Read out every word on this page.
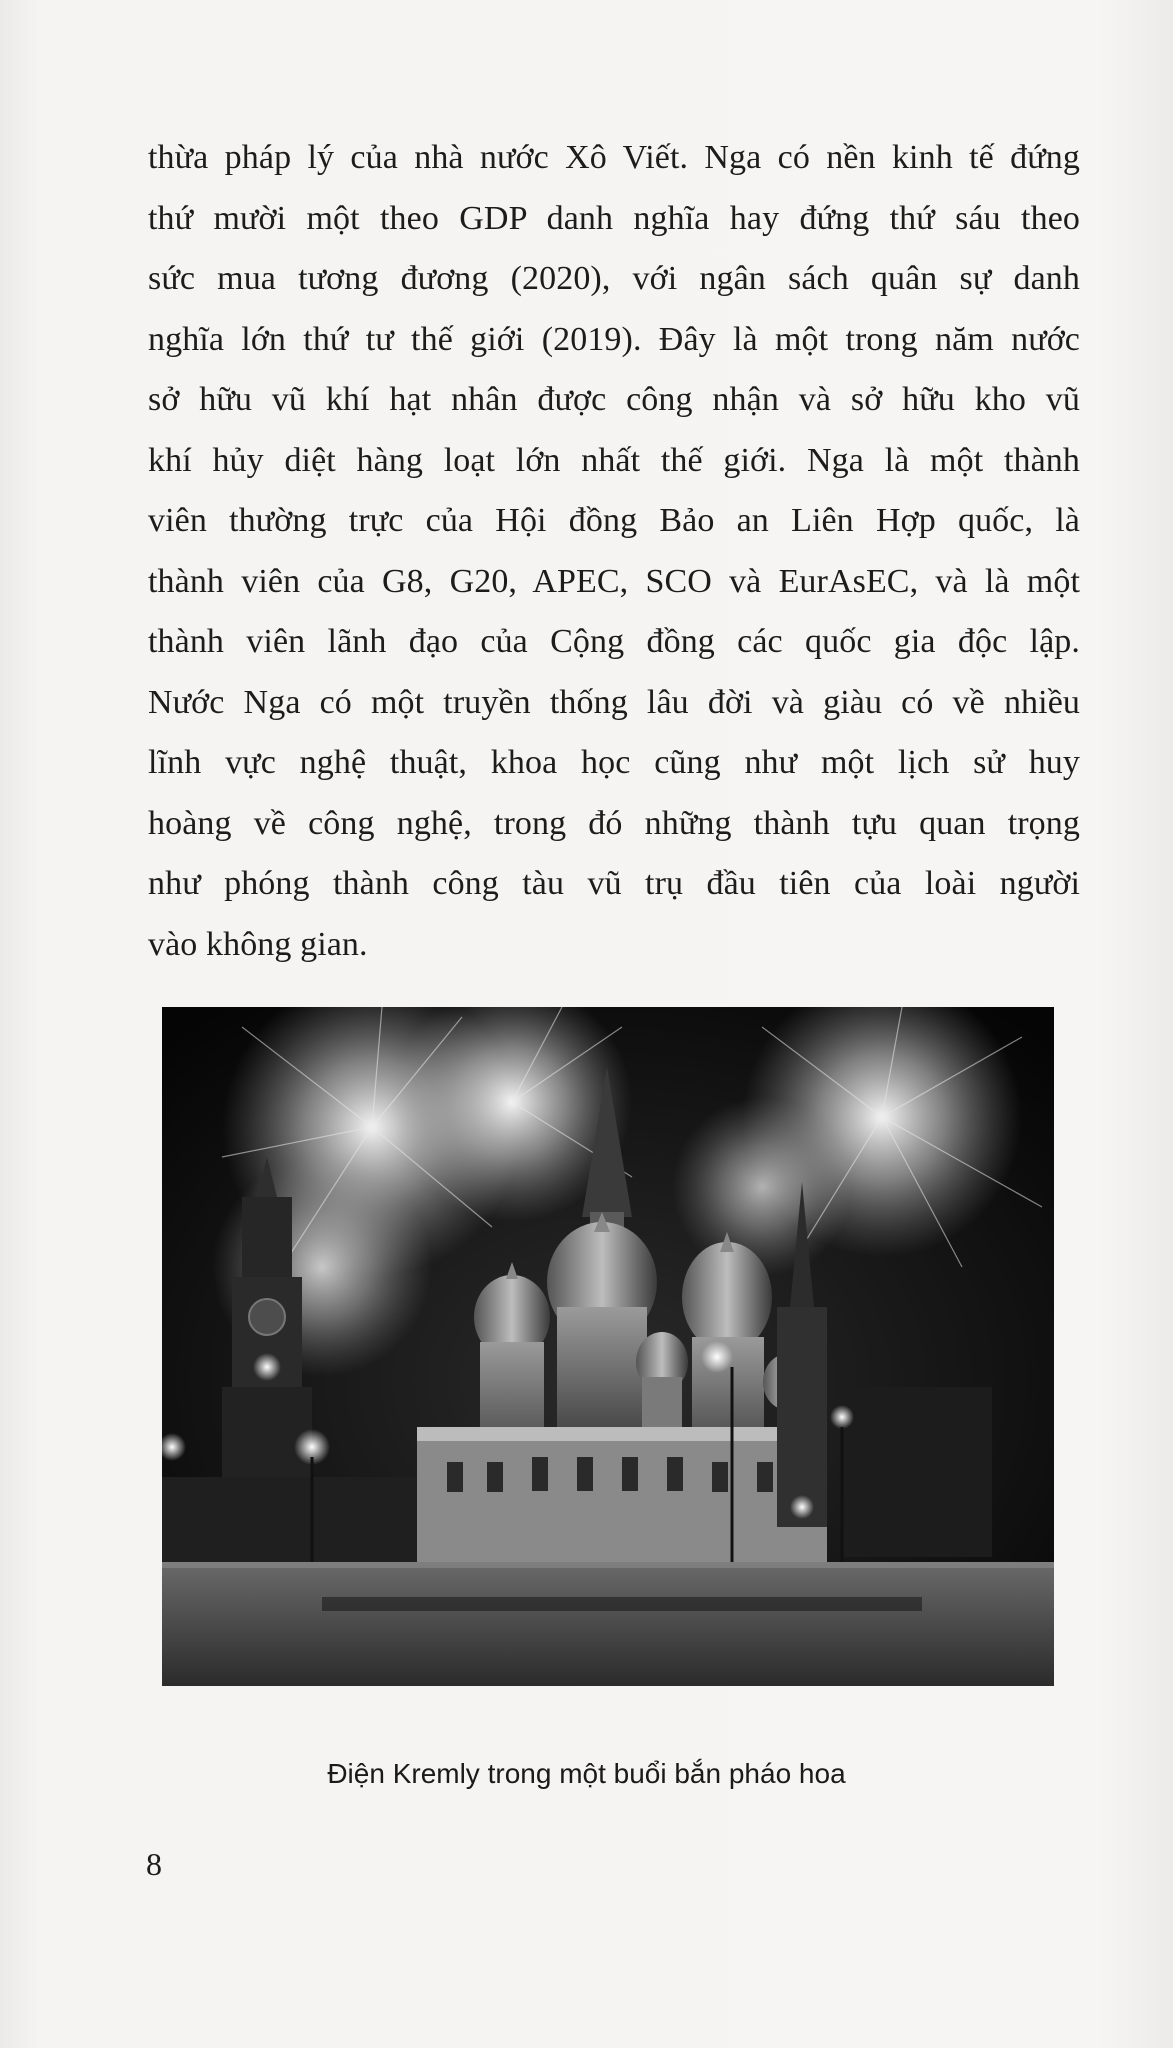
thừa pháp lý của nhà nước Xô Viết. Nga có nền kinh tế đứng
thứ mười một theo GDP danh nghĩa hay đứng thứ sáu theo
sức mua tương đương (2020), với ngân sách quân sự danh
nghĩa lớn thứ tư thế giới (2019). Đây là một trong năm nước
sở hữu vũ khí hạt nhân được công nhận và sở hữu kho vũ
khí hủy diệt hàng loạt lớn nhất thế giới. Nga là một thành
viên thường trực của Hội đồng Bảo an Liên Hợp quốc, là
thành viên của G8, G20, APEC, SCO và EurAsEC, và là một
thành viên lãnh đạo của Cộng đồng các quốc gia độc lập.
Nước Nga có một truyền thống lâu đời và giàu có về nhiều
lĩnh vực nghệ thuật, khoa học cũng như một lịch sử huy
hoàng về công nghệ, trong đó những thành tựu quan trọng
như phóng thành công tàu vũ trụ đầu tiên của loài người
vào không gian.
Điện Kremly trong một buổi bắn pháo hoa
8
